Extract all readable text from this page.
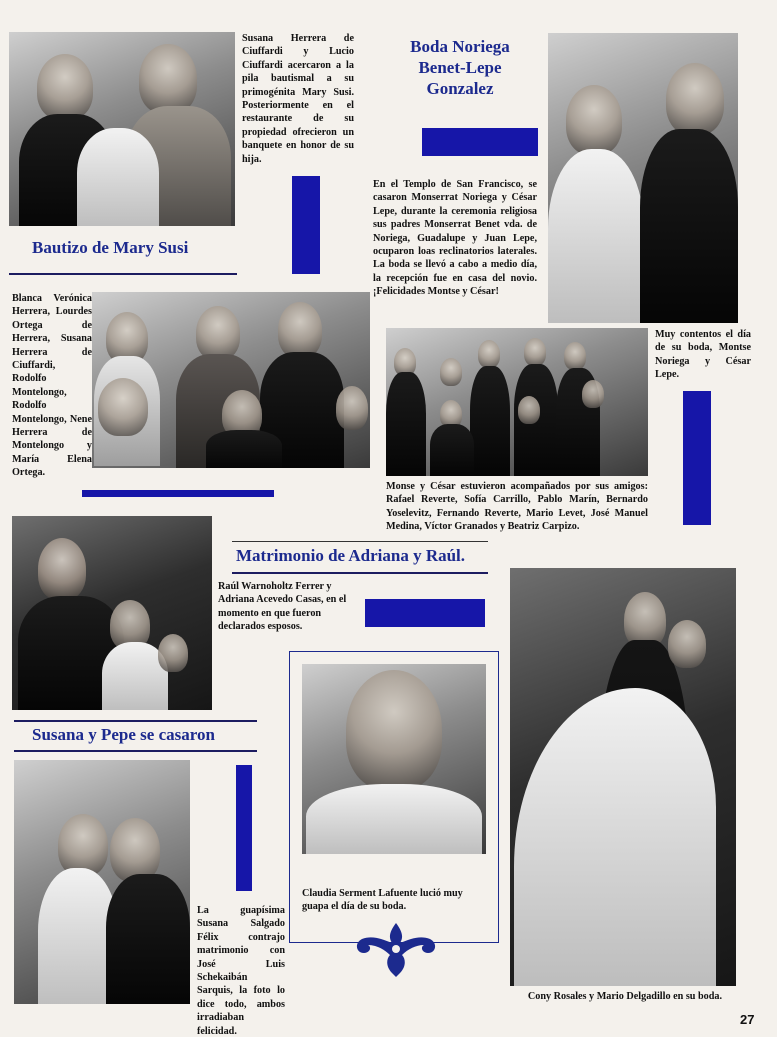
Susana Herrera de Ciuffardi y Lucio Ciuffardi acercaron a la pila bautismal a su primogénita Mary Susi. Posteriormente en el restaurante de su propiedad ofrecieron un banquete en honor de su hija.
Bautizo de Mary Susi
Blanca Verónica Herrera, Lourdes Ortega de Herrera, Susana Herrera de Ciuffardi, Rodolfo Montelongo, Rodolfo Montelongo, Nene Herrera de Montelongo y María Elena Ortega.
Boda Noriega
Benet-Lepe
Gonzalez
En el Templo de San Francisco, se casaron Monserrat Noriega y César Lepe, durante la ceremonia religiosa sus padres Monserrat Benet vda. de Noriega, Guadalupe y Juan Lepe, ocuparon loas reclinatorios laterales. La boda se llevó a cabo a medio día, la recepción fue en casa del novio. ¡Felicidades Montse y César!
Muy contentos el día de su boda, Montse Noriega y César Lepe.
Monse y César estuvieron acompañados por sus amigos: Rafael Reverte, Sofía Carrillo, Pablo Marín, Bernardo Yoselevitz, Fernando Reverte, Mario Levet, José Manuel Medina, Víctor Granados y Beatriz Carpizo.
Matrimonio de Adriana y Raúl.
Raúl Warnoholtz Ferrer y Adriana Acevedo Casas, en el momento en que fueron declarados esposos.
Claudia Serment Lafuente lució muy guapa el día de su boda.
Susana y Pepe se casaron
La guapísima Susana Salgado Félix contrajo matrimonio con José Luis Schekaibán Sarquis, la foto lo dice todo, ambos irradiaban felicidad.
Cony Rosales y Mario Delgadillo en su boda.
27
